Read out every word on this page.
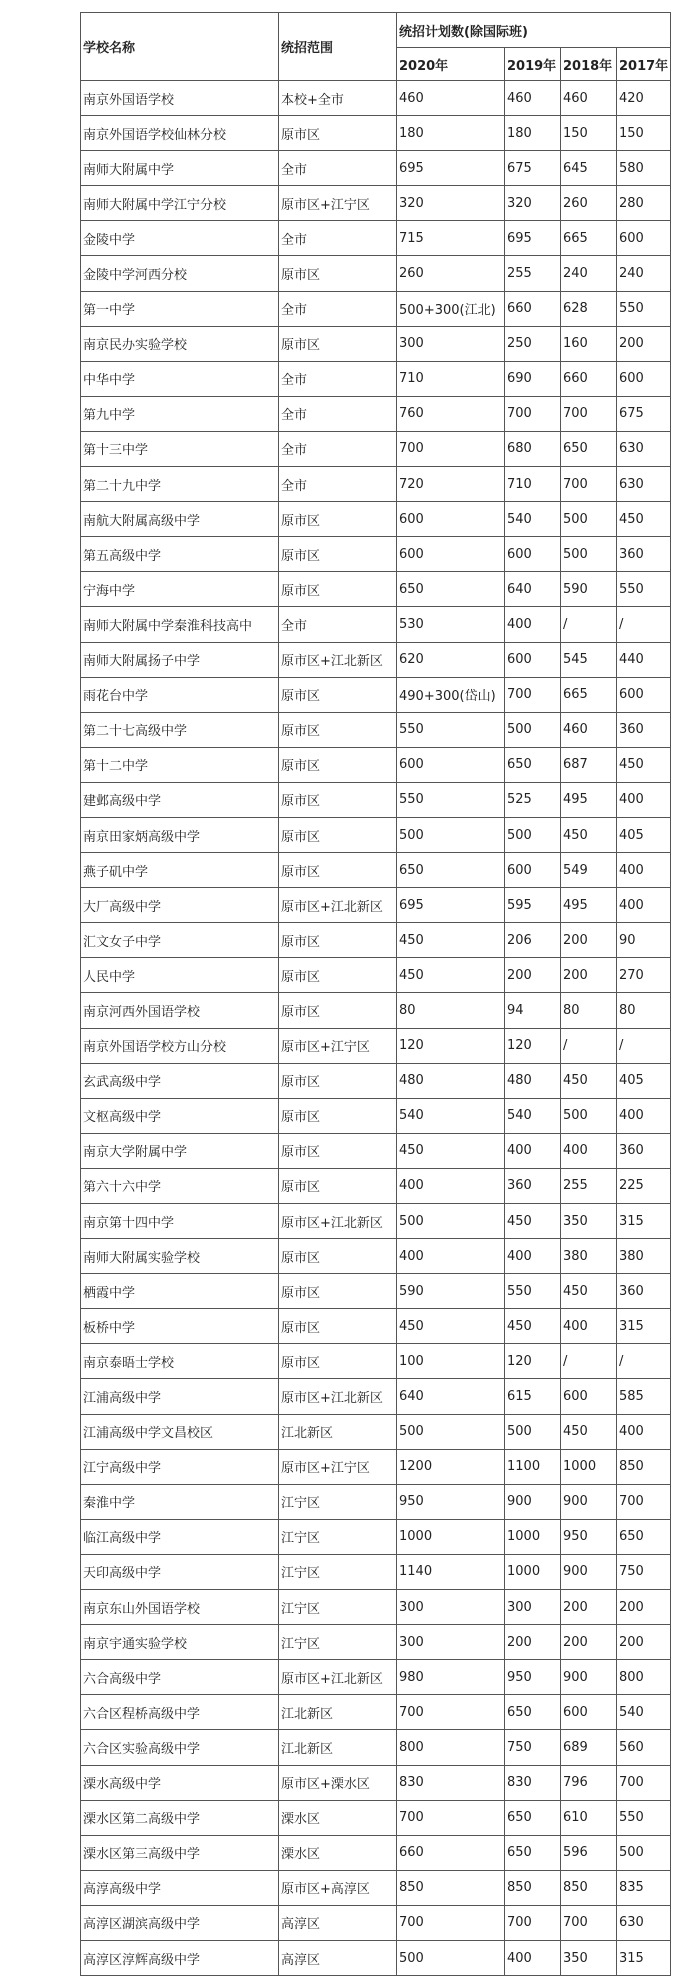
学校名称	统招范围	统招计划数(除国际班)			
		2020年	2019年	2018年	2017年
南京外国语学校	本校+全市	460	460	460	420
南京外国语学校仙林分校	原市区	180	180	150	150
南师大附属中学	全市	695	675	645	580
南师大附属中学江宁分校	原市区+江宁区	320	320	260	280
金陵中学	全市	715	695	665	600
金陵中学河西分校	原市区	260	255	240	240
第一中学	全市	500+300(江北)	660	628	550
南京民办实验学校	原市区	300	250	160	200
中华中学	全市	710	690	660	600
第九中学	全市	760	700	700	675
第十三中学	全市	700	680	650	630
第二十九中学	全市	720	710	700	630
南航大附属高级中学	原市区	600	540	500	450
第五高级中学	原市区	600	600	500	360
宁海中学	原市区	650	640	590	550
南师大附属中学秦淮科技高中	全市	530	400	/	/
南师大附属扬子中学	原市区+江北新区	620	600	545	440
雨花台中学	原市区	490+300(岱山)	700	665	600
第二十七高级中学	原市区	550	500	460	360
第十二中学	原市区	600	650	687	450
建邺高级中学	原市区	550	525	495	400
南京田家炳高级中学	原市区	500	500	450	405
燕子矶中学	原市区	650	600	549	400
大厂高级中学	原市区+江北新区	695	595	495	400
汇文女子中学	原市区	450	206	200	90
人民中学	原市区	450	200	200	270
南京河西外国语学校	原市区	80	94	80	80
南京外国语学校方山分校	原市区+江宁区	120	120	/	/
玄武高级中学	原市区	480	480	450	405
文枢高级中学	原市区	540	540	500	400
南京大学附属中学	原市区	450	400	400	360
第六十六中学	原市区	400	360	255	225
南京第十四中学	原市区+江北新区	500	450	350	315
南师大附属实验学校	原市区	400	400	380	380
栖霞中学	原市区	590	550	450	360
板桥中学	原市区	450	450	400	315
南京泰晤士学校	原市区	100	120	/	/
江浦高级中学	原市区+江北新区	640	615	600	585
江浦高级中学文昌校区	江北新区	500	500	450	400
江宁高级中学	原市区+江宁区	1200	1100	1000	850
秦淮中学	江宁区	950	900	900	700
临江高级中学	江宁区	1000	1000	950	650
天印高级中学	江宁区	1140	1000	900	750
南京东山外国语学校	江宁区	300	300	200	200
南京宇通实验学校	江宁区	300	200	200	200
六合高级中学	原市区+江北新区	980	950	900	800
六合区程桥高级中学	江北新区	700	650	600	540
六合区实验高级中学	江北新区	800	750	689	560
溧水高级中学	原市区+溧水区	830	830	796	700
溧水区第二高级中学	溧水区	700	650	610	550
溧水区第三高级中学	溧水区	660	650	596	500
高淳高级中学	原市区+高淳区	850	850	850	835
高淳区湖滨高级中学	高淳区	700	700	700	630
高淳区淳辉高级中学	高淳区	500	400	350	315
